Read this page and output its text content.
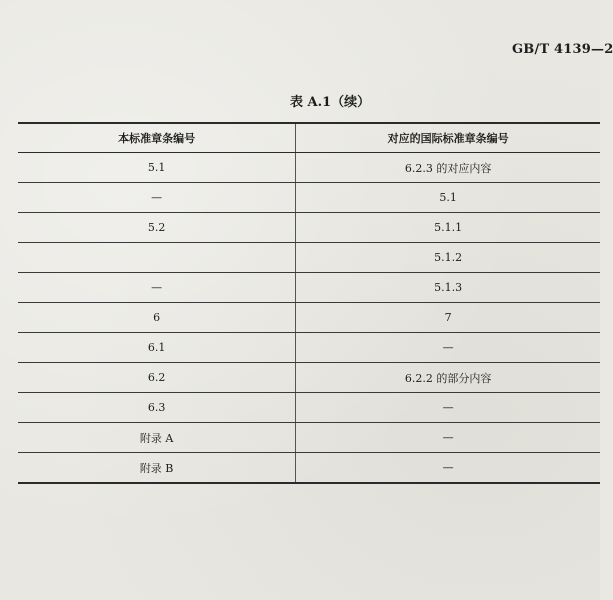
GB/T 4139—2
表 A.1（续）
本标准章条编号	对应的国际标准章条编号
5.1	6.2.3 的对应内容
—	5.1
5.2	5.1.1
	5.1.2
—	5.1.3
6	7
6.1	—
6.2	6.2.2 的部分内容
6.3	—
附录 A	—
附录 B	—
